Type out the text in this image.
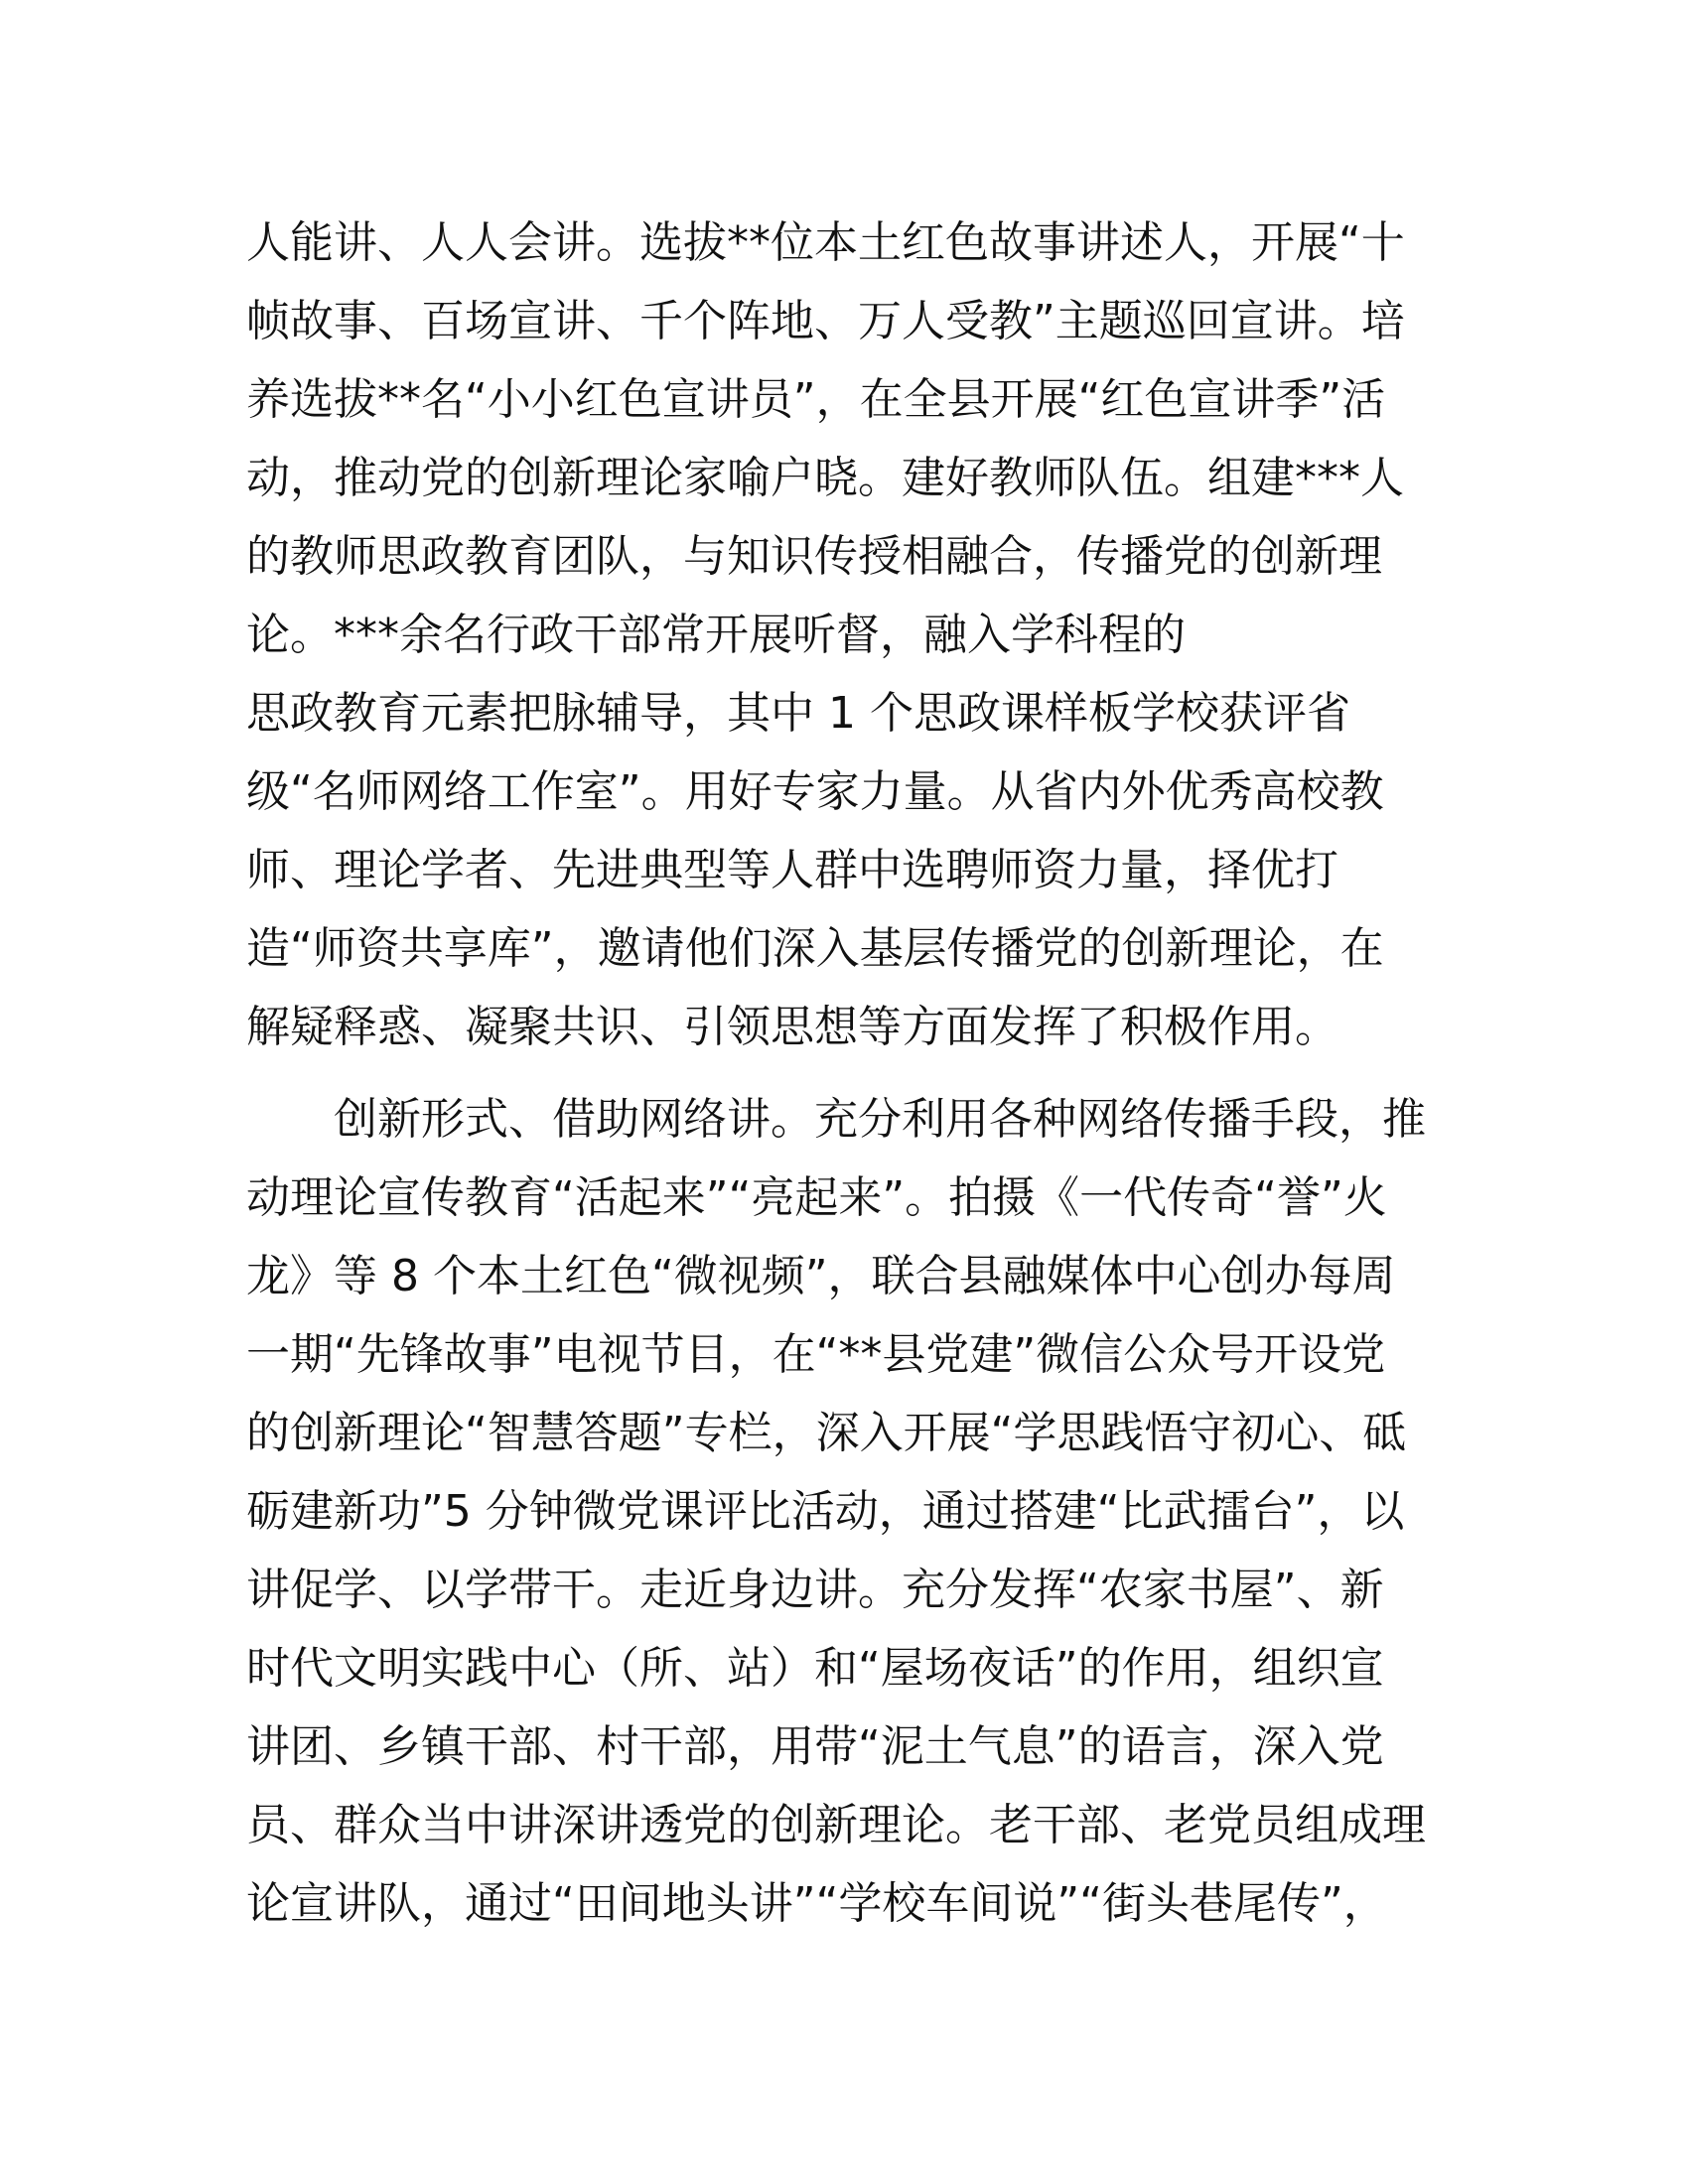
人能讲、人人会讲。选拔**位本土红色故事讲述人，开展“十
帧故事、百场宣讲、千个阵地、万人受教”主题巡回宣讲。培
养选拔**名“小小红色宣讲员”，在全县开展“红色宣讲季”活
动，推动党的创新理论家喻户晓。建好教师队伍。组建***人
的教师思政教育团队，与知识传授相融合，传播党的创新理
论。***余名行政干部常开展听督，融入学科程的
思政教育元素把脉辅导，其中 1 个思政课样板学校获评省
级“名师网络工作室”。用好专家力量。从省内外优秀高校教
师、理论学者、先进典型等人群中选聘师资力量，择优打
造“师资共享库”，邀请他们深入基层传播党的创新理论，在
解疑释惑、凝聚共识、引领思想等方面发挥了积极作用。
创新形式、借助网络讲。充分利用各种网络传播手段，推
动理论宣传教育“活起来”“亮起来”。拍摄《一代传奇“誉”火
龙》等 8 个本土红色“微视频”，联合县融媒体中心创办每周
一期“先锋故事”电视节目，在“**县党建”微信公众号开设党
的创新理论“智慧答题”专栏，深入开展“学思践悟守初心、砥
砺建新功”5 分钟微党课评比活动，通过搭建“比武擂台”，以
讲促学、以学带干。走近身边讲。充分发挥“农家书屋”、新
时代文明实践中心（所、站）和“屋场夜话”的作用，组织宣
讲团、乡镇干部、村干部，用带“泥土气息”的语言，深入党
员、群众当中讲深讲透党的创新理论。老干部、老党员组成理
论宣讲队，通过“田间地头讲”“学校车间说”“街头巷尾传”，
